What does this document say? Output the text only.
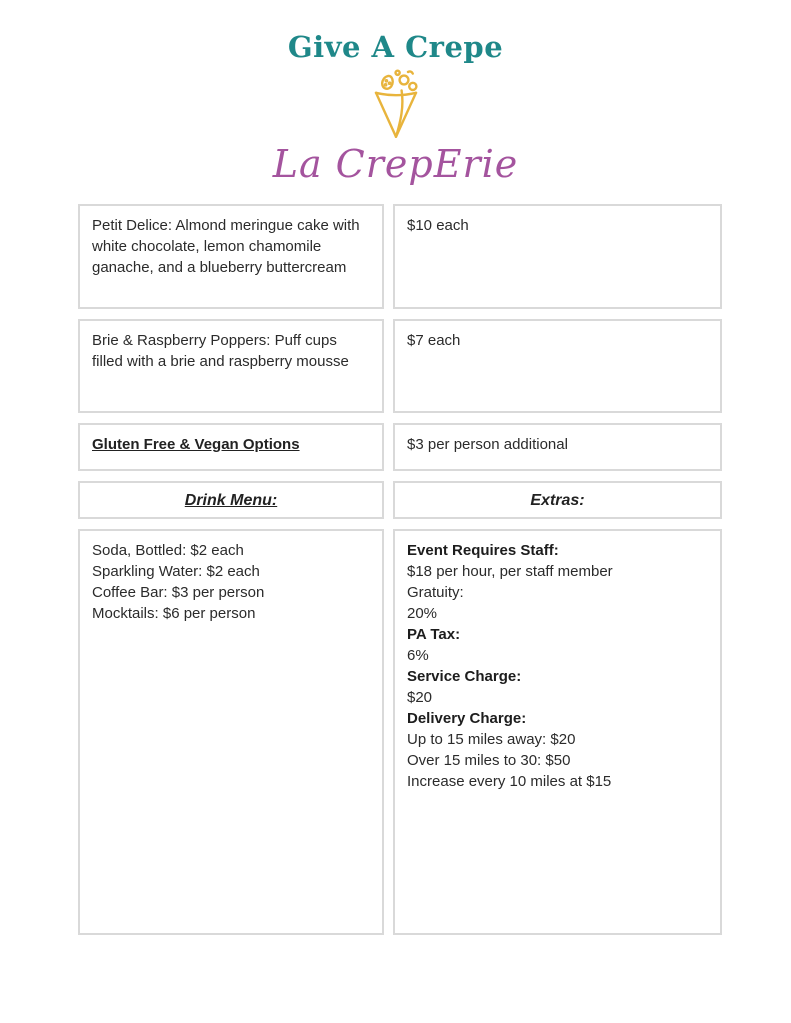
Give A Crepe
La CrepErie
Petit Delice: Almond meringue cake with white chocolate, lemon chamomile ganache, and a blueberry buttercream
$10 each
Brie & Raspberry Poppers: Puff cups filled with a brie and raspberry mousse
$7 each
Gluten Free & Vegan Options	$3 per person additional
Drink Menu:	Extras:
Soda, Bottled: $2 each
Sparkling Water: $2 each
Coffee Bar: $3 per person
Mocktails: $6 per person
Event Requires Staff:
$18 per hour, per staff member
Gratuity:
20%
PA Tax:
6%
Service Charge:
$20
Delivery Charge:
Up to 15 miles away: $20
Over 15 miles to 30: $50
Increase every 10 miles at $15
